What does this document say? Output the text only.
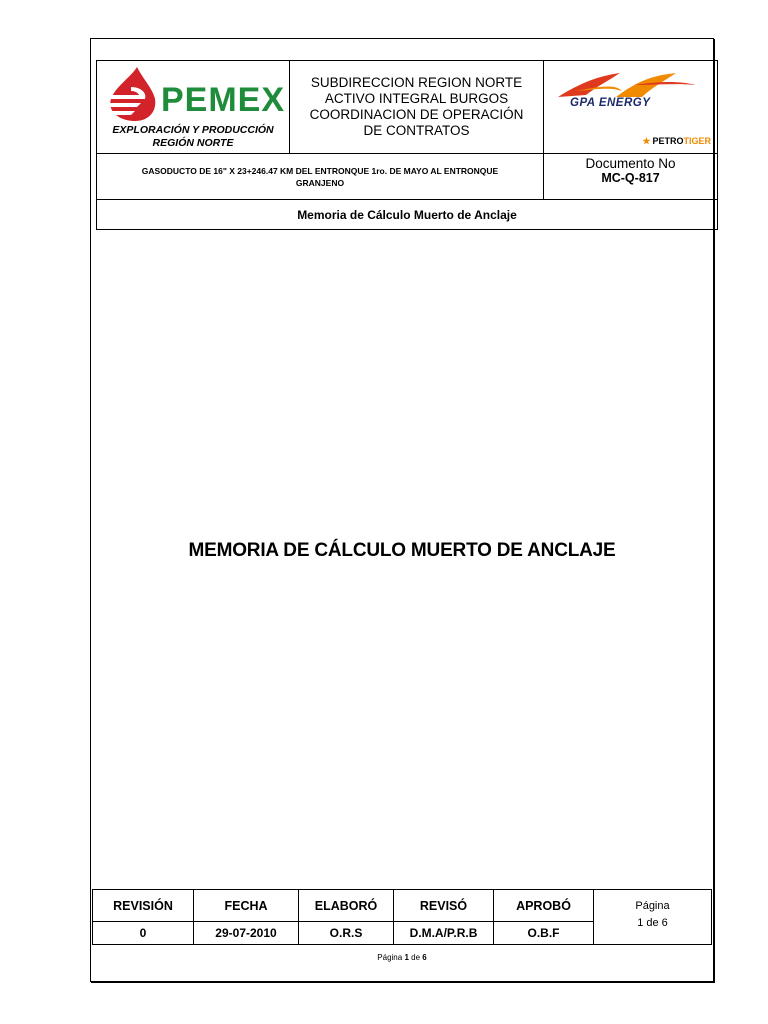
PEMEX
EXPLORACIÓN Y PRODUCCIÓN
REGIÓN NORTE
SUBDIRECCION REGION NORTE
ACTIVO INTEGRAL BURGOS
COORDINACION DE OPERACIÓN
DE CONTRATOS
GPA ENERGY
★ PETROTIGER
GASODUCTO DE 16" X 23+246.47 KM DEL ENTRONQUE 1ro. DE MAYO AL ENTRONQUE GRANJENO
Documento No
MC-Q-817
Memoria de Cálculo Muerto de Anclaje
MEMORIA DE CÁLCULO MUERTO DE ANCLAJE
REVISIÓN	FECHA	ELABORÓ	REVISÓ	APROBÓ
0	29-07-2010	O.R.S	D.M.A/P.R.B	O.B.F
Página
1 de 6
Página 1 de 6
